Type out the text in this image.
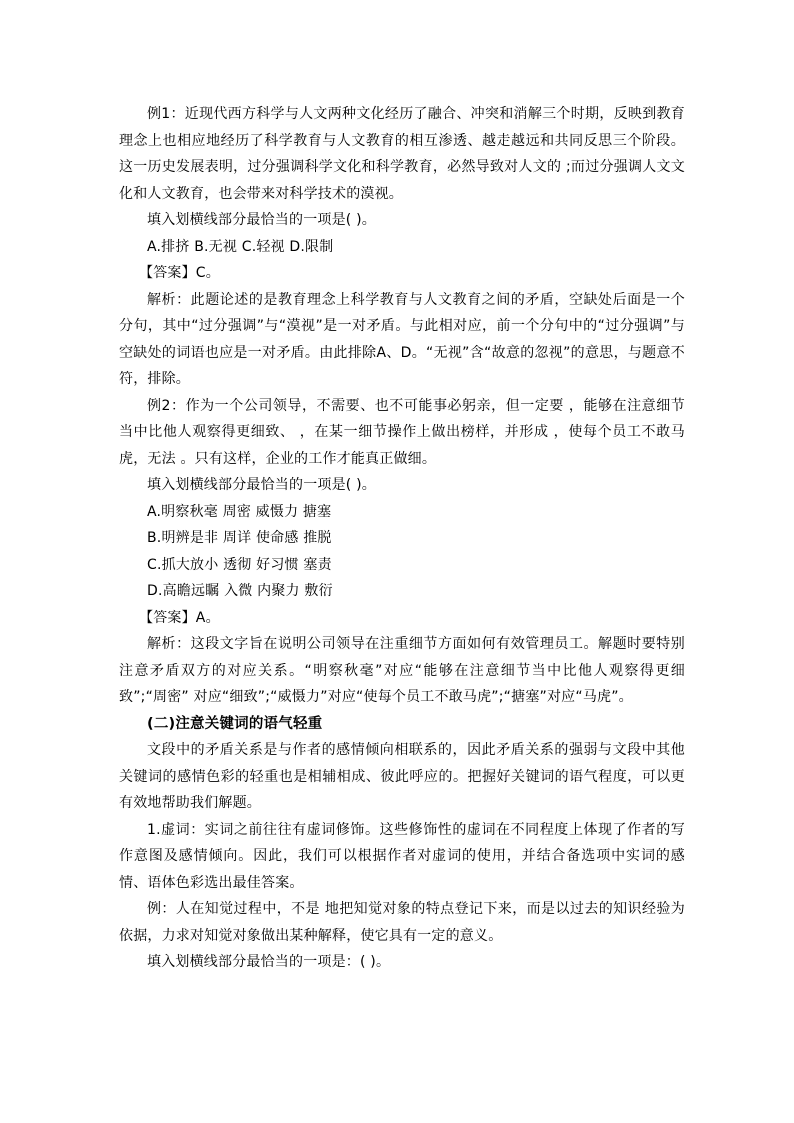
例1：近现代西方科学与人文两种文化经历了融合、冲突和消解三个时期，反映到教育理念上也相应地经历了科学教育与人文教育的相互渗透、越走越远和共同反思三个阶段。这一历史发展表明，过分强调科学文化和科学教育，必然导致对人文的 ;而过分强调人文文化和人文教育，也会带来对科学技术的漠视。

填入划横线部分最恰当的一项是( )。

A.排挤 B.无视 C.轻视 D.限制

【答案】C。

解析：此题论述的是教育理念上科学教育与人文教育之间的矛盾，空缺处后面是一个分句，其中“过分强调”与“漠视”是一对矛盾。与此相对应，前一个分句中的“过分强调”与空缺处的词语也应是一对矛盾。由此排除A、D。“无视”含“故意的忽视”的意思，与题意不符，排除。

例2：作为一个公司领导，不需要、也不可能事必躬亲，但一定要 ，能够在注意细节当中比他人观察得更细致、 ，在某一细节操作上做出榜样，并形成 ，使每个员工不敢马虎，无法 。只有这样，企业的工作才能真正做细。

填入划横线部分最恰当的一项是( )。

A.明察秋毫 周密 威慑力 搪塞

B.明辨是非 周详 使命感 推脱

C.抓大放小 透彻 好习惯 塞责

D.高瞻远瞩 入微 内聚力 敷衍

【答案】A。

解析：这段文字旨在说明公司领导在注重细节方面如何有效管理员工。解题时要特别注意矛盾双方的对应关系。“明察秋毫”对应“能够在注意细节当中比他人观察得更细致”;“周密” 对应“细致”;“威慑力”对应“使每个员工不敢马虎”;“搪塞”对应“马虎”。

(二)注意关键词的语气轻重

文段中的矛盾关系是与作者的感情倾向相联系的，因此矛盾关系的强弱与文段中其他关键词的感情色彩的轻重也是相辅相成、彼此呼应的。把握好关键词的语气程度，可以更有效地帮助我们解题。

1.虚词：实词之前往往有虚词修饰。这些修饰性的虚词在不同程度上体现了作者的写作意图及感情倾向。因此，我们可以根据作者对虚词的使用，并结合备选项中实词的感情、语体色彩选出最佳答案。

例：人在知觉过程中，不是 地把知觉对象的特点登记下来，而是以过去的知识经验为依据，力求对知觉对象做出某种解释，使它具有一定的意义。

填入划横线部分最恰当的一项是：( )。
